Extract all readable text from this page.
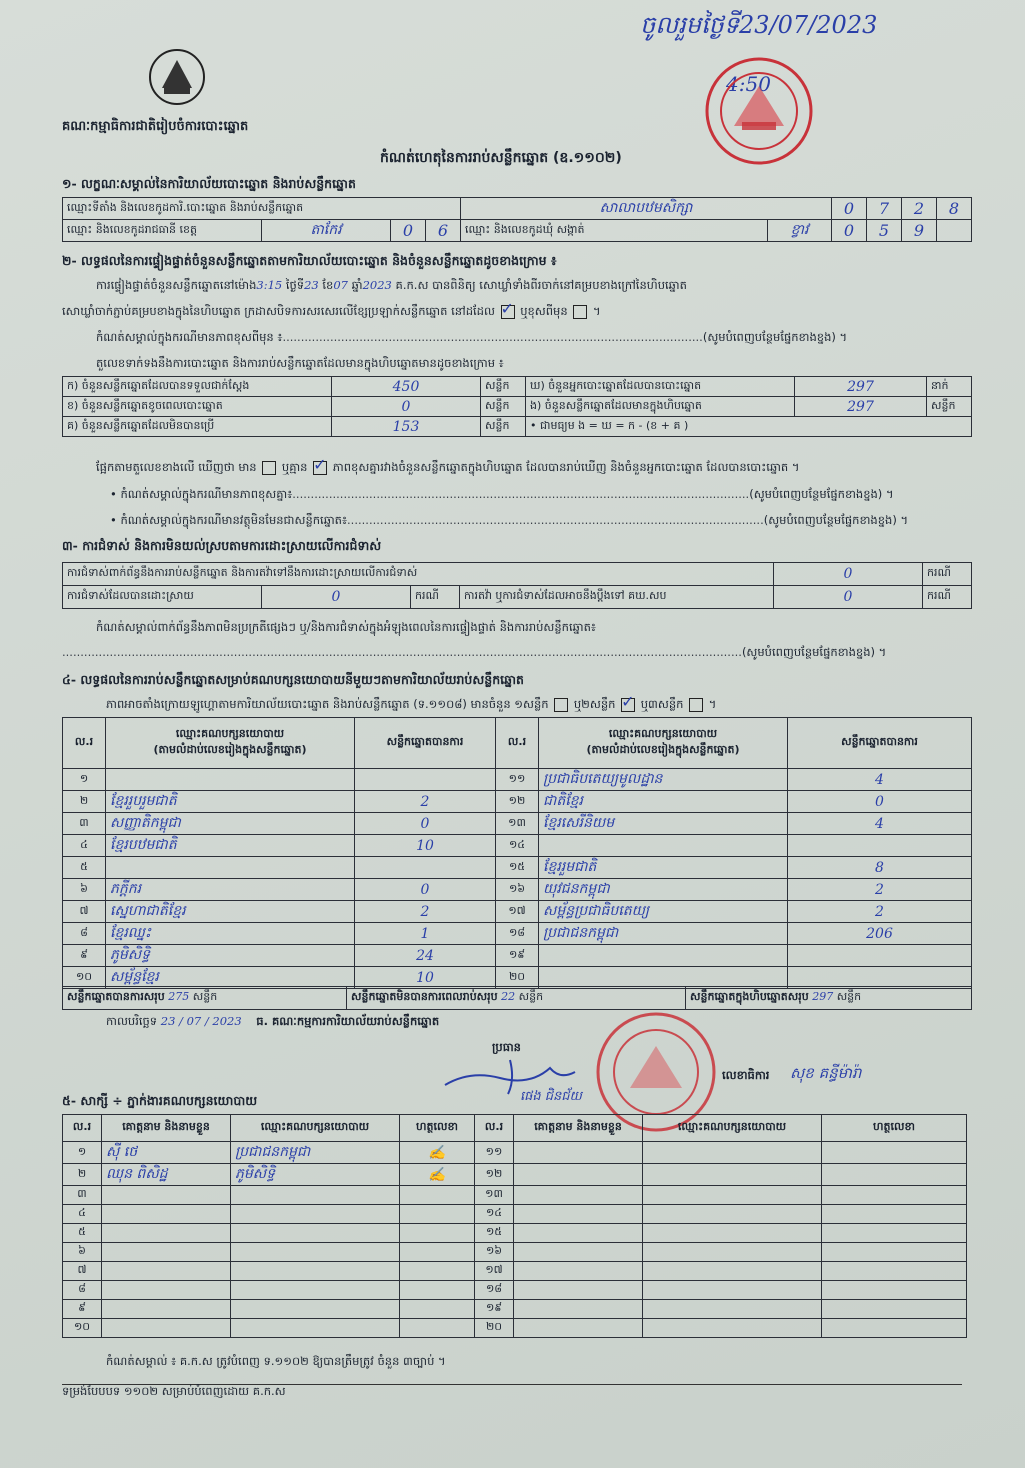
ចូលរួមថ្ងៃទី23/07/2023
4:50
គណៈកម្មាធិការជាតិរៀបចំការបោះឆ្នោត
កំណត់ហេតុនៃការរាប់សន្លឹកឆ្នោត (ឧ.១១០២)
១- លក្ខណៈសម្គាល់នៃការិយាល័យបោះឆ្នោត និងរាប់សន្លឹកឆ្នោត
ឈ្មោះទីតាំង និងលេខកូដការិ.បោះឆ្នោត និងរាប់សន្លឹកឆ្នោត				សាលាបឋមសិក្សា		0	7	2	8
ឈ្មោះ និងលេខកូដរាជធានី ខេត្ត	តាកែវ	0	6	ឈ្មោះ និងលេខកូដឃុំ សង្កាត់	ខ្វាវ	0	5	9	
២- លទ្ធផលនៃការផ្ទៀងផ្ទាត់ចំនួនសន្លឹកឆ្នោតតាមការិយាល័យបោះឆ្នោត និងចំនួនសន្លឹកឆ្នោតដូចខាងក្រោម ៖
ការផ្ទៀងផ្ទាត់ចំនួនសន្លឹកឆ្នោតនៅម៉ោង3:15 ថ្ងៃទី23 ខែ07 ឆ្នាំ2023 គ.ក.ស បានពិនិត្យ សោឃ្លាំទាំងពីរចាក់នៅគម្របខាងក្រៅនៃហិបឆ្នោត
សោឃ្លាំចាក់ភ្ជាប់គម្របខាងក្នុងនៃហិបឆ្នោត ក្រដាសបិទការសរសេរលើខ្សែប្រឡាក់សន្លឹកឆ្នោត នៅដដែល ✓ ឬខុសពីមុន  ។
កំណត់សម្គាល់ក្នុងករណីមានភាពខុសពីមុន ៖...................................................................................................................(សូមបំពេញបន្ថែមផ្នែកខាងខ្នង) ។
តួលេខទាក់ទងនឹងការបោះឆ្នោត និងការរាប់សន្លឹកឆ្នោតដែលមានក្នុងហិបឆ្នោតមានដូចខាងក្រោម ៖
ក) ចំនួនសន្លឹកឆ្នោតដែលបានទទួលជាក់ស្តែង	450	សន្លឹក	ឃ) ចំនួនអ្នកបោះឆ្នោតដែលបានបោះឆ្នោត	297	នាក់
ខ) ចំនួនសន្លឹកឆ្នោតខូចពេលបោះឆ្នោត	0	សន្លឹក	ង) ចំនួនសន្លឹកឆ្នោតដែលមានក្នុងហិបឆ្នោត	297	សន្លឹក
គ) ចំនួនសន្លឹកឆ្នោតដែលមិនបានប្រើ	153	សន្លឹក	• ជាមធ្យម ង = ឃ = ក - (ខ + គ )		
ផ្អែកតាមតួលេខខាងលើ ឃើញថា មាន ឬគ្មាន ✓ ភាពខុសគ្នារវាងចំនួនសន្លឹកឆ្នោតក្នុងហិបឆ្នោត ដែលបានរាប់ឃើញ និងចំនួនអ្នកបោះឆ្នោត ដែលបានបោះឆ្នោត ។
• កំណត់សម្គាល់ក្នុងករណីមានភាពខុសគ្នា៖.............................................................................................................................(សូមបំពេញបន្ថែមផ្នែកខាងខ្នង) ។
• កំណត់សម្គាល់ក្នុងករណីមានវត្ថុមិនមែនជាសន្លឹកឆ្នោត៖..................................................................................................................(សូមបំពេញបន្ថែមផ្នែកខាងខ្នង) ។
៣- ការជំទាស់ និងការមិនយល់ស្របតាមការដោះស្រាយលើការជំទាស់
ការជំទាស់ពាក់ព័ន្ធនឹងការរាប់សន្លឹកឆ្នោត និងការតវ៉ាទៅនឹងការដោះស្រាយលើការជំទាស់				0	ករណី
ការជំទាស់ដែលបានដោះស្រាយ	0	ករណី	ការតវ៉ា ឬការជំទាស់ដែលអាចនឹងប្តឹងទៅ គឃ.សប	0	ករណី
កំណត់សម្គាល់ពាក់ព័ន្ធនឹងភាពមិនប្រក្រតីផ្សេងៗ ឬ/និងការជំទាស់ក្នុងអំឡុងពេលនៃការផ្ទៀងផ្ទាត់ និងការរាប់សន្លឹកឆ្នោត៖
..........................................................................................................................................................................................(សូមបំពេញបន្ថែមផ្នែកខាងខ្នង) ។
៤- លទ្ធផលនៃការរាប់សន្លឹកឆ្នោតសម្រាប់គណបក្សនយោបាយនីមួយៗតាមការិយាល័យរាប់សន្លឹកឆ្នោត
ភាពអាចតាំងក្រោយឡូហ្គោតាមការិយាល័យបោះឆ្នោត និងរាប់សន្លឹកឆ្នោត (ទ.១១០៨) មានចំនួន ១សន្លឹក ឬ២សន្លឹក ✓ ឬ៣សន្លឹក  ។
ល.រ	ឈ្មោះគណបក្សនយោបាយ
(តាមលំដាប់លេខរៀងក្នុងសន្លឹកឆ្នោត)	សន្លឹកឆ្នោតបានការ	ល.រ	ឈ្មោះគណបក្សនយោបាយ
(តាមលំដាប់លេខរៀងក្នុងសន្លឹកឆ្នោត)	សន្លឹកឆ្នោតបានការ
១			១១	ប្រជាធិបតេយ្យមូលដ្ឋាន	4
២	ខ្មែររួបរួមជាតិ	2	១២	ជាតិខ្មែរ	0
៣	សញ្ញាតិកម្ពុជា	0	១៣	ខ្មែរសេរីនិយម	4
៤	ខ្មែរបឋមជាតិ	10	១៤		
៥			១៥	ខ្មែររួមជាតិ	8
៦	ភក្តីករ	0	១៦	យុវជនកម្ពុជា	2
៧	ស្នេហាជាតិខ្មែរ	2	១៧	សម្ព័ន្ធប្រជាធិបតេយ្យ	2
៨	ខ្មែរឈ្នះ	1	១៨	ប្រជាជនកម្ពុជា	206
៩	ភូមិសិទ្ធិ	24	១៩		
១០	សម្ព័ន្ធខ្មែរ	10	២០		
សន្លឹកឆ្នោតបានការសរុប 275 សន្លឹក	សន្លឹកឆ្នោតមិនបានការពេលរាប់សរុប 22 សន្លឹក	សន្លឹកឆ្នោតក្នុងហិបឆ្នោតសរុប 297 សន្លឹក
កាលបរិច្ឆេទ 23 / 07 / 2023 ធ. គណៈកម្មការការិយាល័យរាប់សន្លឹកឆ្នោត
ប្រធាន
ផេង ជិនជ័យ
លេខាធិការ សុខ គន្ធីម៉ារ៉ា
៥- សាក្សី ÷ ភ្នាក់ងារគណបក្សនយោបាយ
ល.រ	គោត្តនាម និងនាមខ្លួន	ឈ្មោះគណបក្សនយោបាយ	ហត្ថលេខា	ល.រ	គោត្តនាម និងនាមខ្លួន	ឈ្មោះគណបក្សនយោបាយ	ហត្ថលេខា
១	ស៊ី ថេ	ប្រជាជនកម្ពុជា	✍	១១			
២	ឈុន ពិសិដ្ឋ	ភូមិសិទ្ធិ	✍	១២			
៣				១៣			
៤				១៤			
៥				១៥			
៦				១៦			
៧				១៧			
៨				១៨			
៩				១៩			
១០				២០			
កំណត់សម្គាល់ ៖ គ.ក.ស ត្រូវបំពេញ ទ.១១០២ ឱ្យបានត្រឹមត្រូវ ចំនួន ៣ច្បាប់ ។
ទម្រង់បែបបទ ១១០២ សម្រាប់បំពេញដោយ គ.ក.ស
